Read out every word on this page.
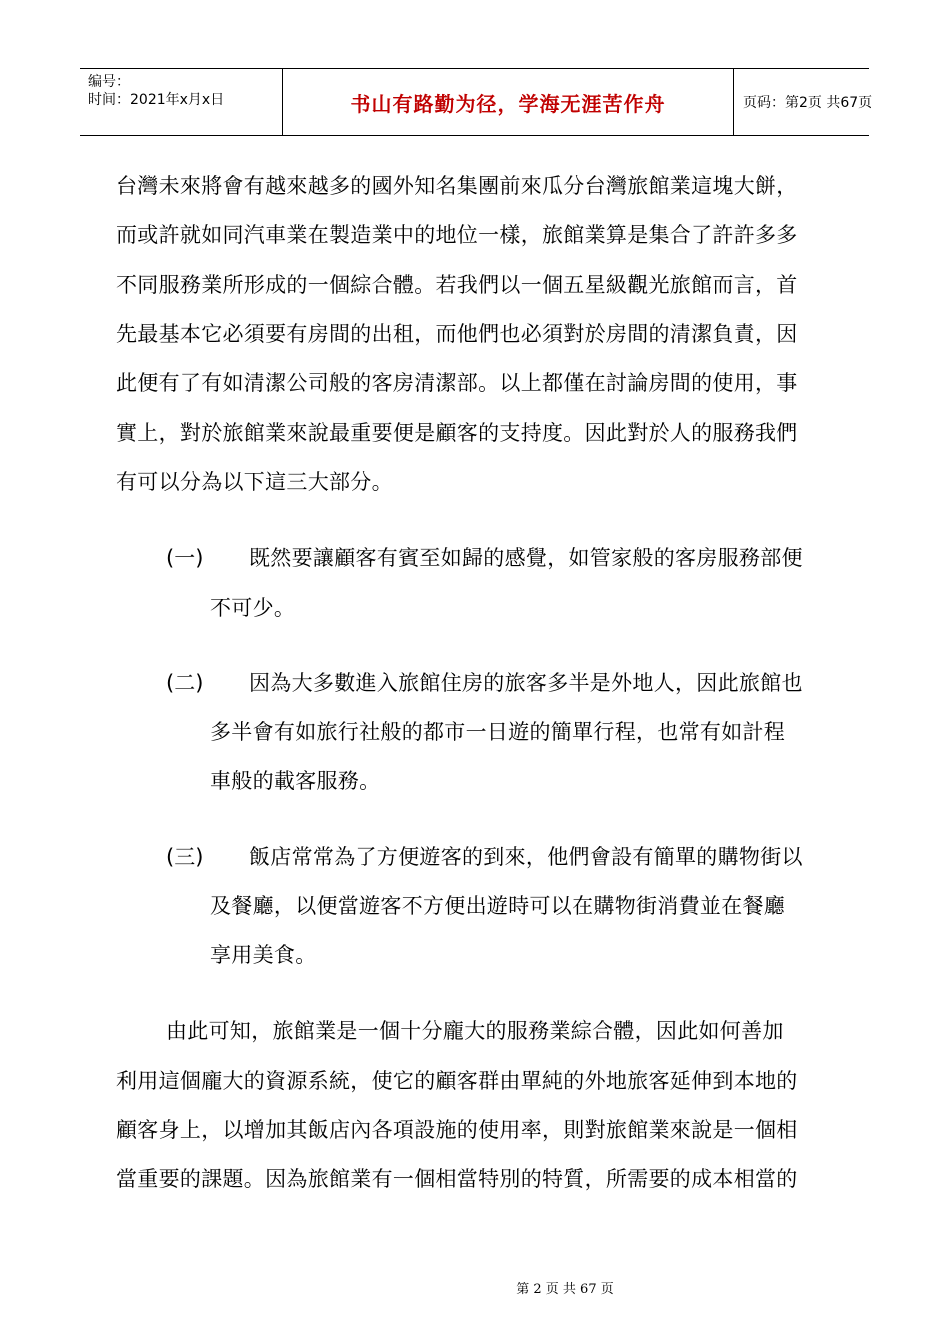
编号：
时间：2021年x月x日	书山有路勤为径，学海无涯苦作舟	页码：第2页 共67页
台灣未來將會有越來越多的國外知名集團前來瓜分台灣旅館業這塊大餅，
而或許就如同汽車業在製造業中的地位一樣，旅館業算是集合了許許多多
不同服務業所形成的一個綜合體。若我們以一個五星級觀光旅館而言，首
先最基本它必須要有房間的出租，而他們也必須對於房間的清潔負責，因
此便有了有如清潔公司般的客房清潔部。以上都僅在討論房間的使用，事
實上，對於旅館業來說最重要便是顧客的支持度。因此對於人的服務我們
有可以分為以下這三大部分。
(一) 既然要讓顧客有賓至如歸的感覺，如管家般的客房服務部便
不可少。
(二) 因為大多數進入旅館住房的旅客多半是外地人，因此旅館也
多半會有如旅行社般的都市一日遊的簡單行程，也常有如計程
車般的載客服務。
(三) 飯店常常為了方便遊客的到來，他們會設有簡單的購物街以
及餐廳，以便當遊客不方便出遊時可以在購物街消費並在餐廳
享用美食。
由此可知，旅館業是一個十分龐大的服務業綜合體，因此如何善加
利用這個龐大的資源系統，使它的顧客群由單純的外地旅客延伸到本地的
顧客身上，以增加其飯店內各項設施的使用率，則對旅館業來說是一個相
當重要的課題。因為旅館業有一個相當特別的特質，所需要的成本相當的
第 2 页 共 67 页
